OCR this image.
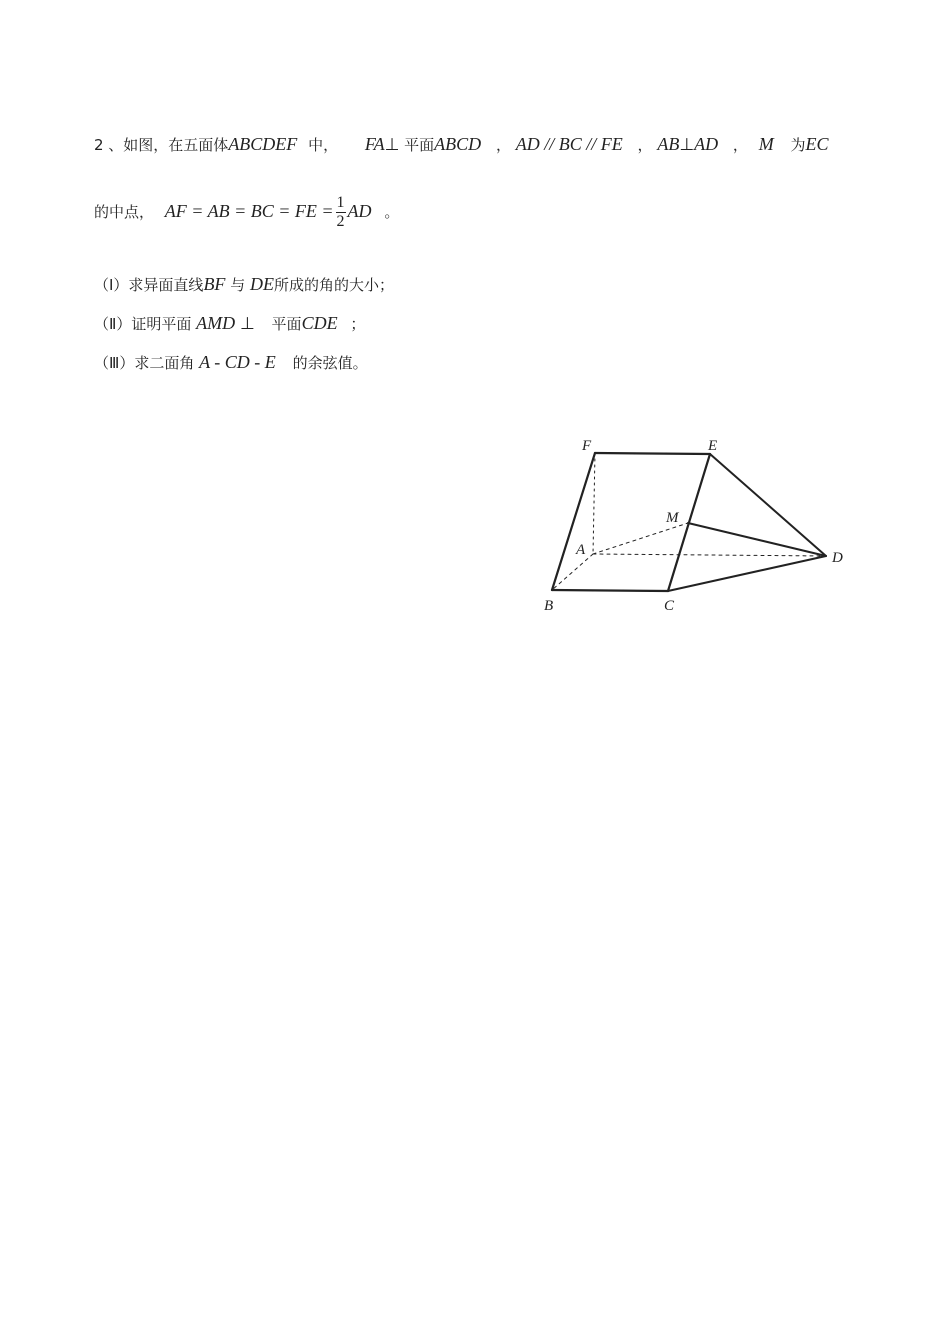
2 、如图，在五面体ABCDEF 中， FA⊥ 平面ABCD ， AD // BC // FE ， AB⊥AD ， M 为EC
的中点， AF = AB = BC = FE = $\frac{1}{2}$ AD 。
（Ⅰ）求异面直线BF 与 DE所成的角的大小；
（Ⅱ）证明平面 AMD ⊥ 平面CDE ；
（Ⅲ）求二面角 A - CD - E 的余弦值。
F	E
M
A	D
B	C
